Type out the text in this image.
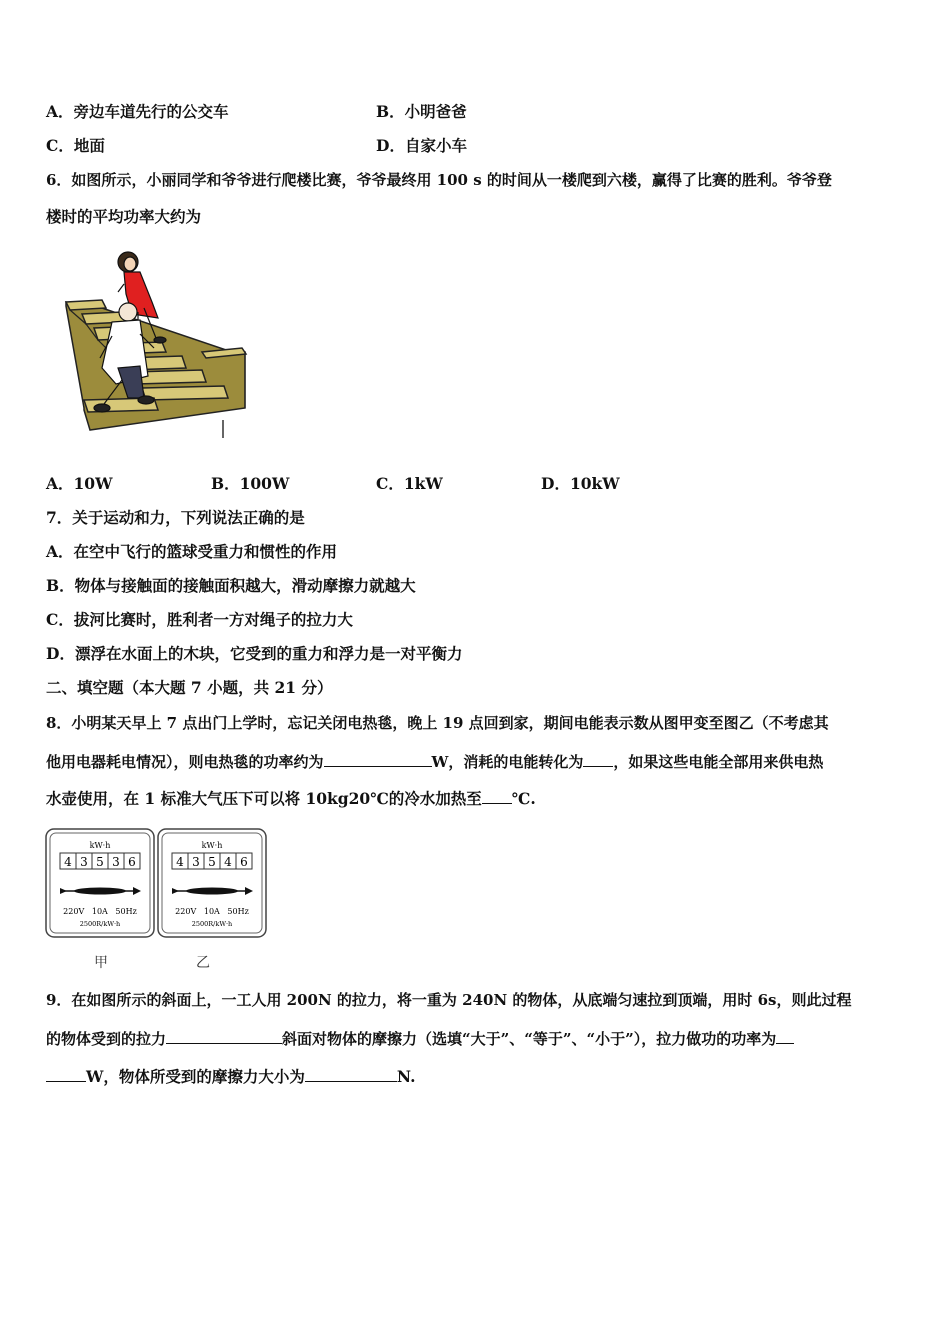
A．旁边车道先行的公交车	B．小明爸爸
C．地面	D．自家小车
6．如图所示，小丽同学和爷爷进行爬楼比赛，爷爷最终用 100 s 的时间从一楼爬到六楼，赢得了比赛的胜利。爷爷登
楼时的平均功率大约为
A．10W	B．100W	C．1kW	D．10kW
7．关于运动和力，下列说法正确的是
A．在空中飞行的篮球受重力和惯性的作用
B．物体与接触面的接触面积越大，滑动摩擦力就越大
C．拔河比赛时，胜利者一方对绳子的拉力大
D．漂浮在水面上的木块，它受到的重力和浮力是一对平衡力
二、填空题（本大题 7 小题，共 21 分）
8．小明某天早上 7 点出门上学时，忘记关闭电热毯，晚上 19 点回到家，期间电能表示数从图甲变至图乙（不考虑其
他用电器耗电情况），则电热毯的功率约为	W，消耗的电能转化为 ，如果这些电能全部用来供电热
水壶使用，在 1 标准大气压下可以将 10kg20℃的冷水加热至 ℃.
kW·h
4 3 5 3 6
220V   10A   50Hz
2500R/kW·h
甲
kW·h
4 3 5 4 6
220V   10A   50Hz
2500R/kW·h
乙
9．在如图所示的斜面上，一工人用 200N 的拉力，将一重为 240N 的物体，从底端匀速拉到顶端，用时 6s，则此过程
的物体受到的拉力	斜面对物体的摩擦力（选填“大于”、“等于”、“小于”），拉力做功的功率为
W，物体所受到的摩擦力大小为	N.
